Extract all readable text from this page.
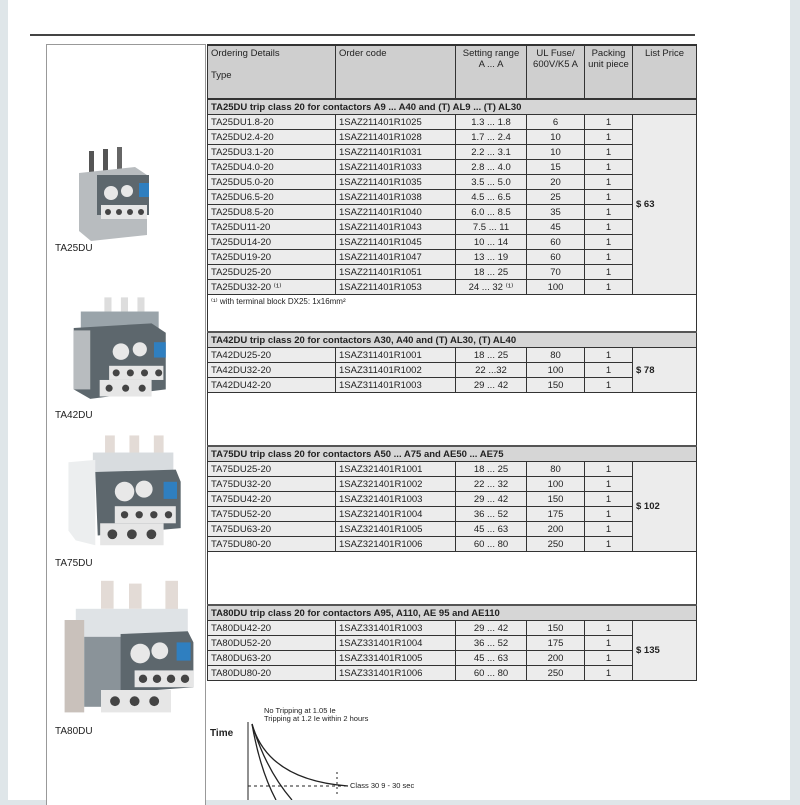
TA25DU
TA42DU
TA75DU
TA80DU
Ordering Details
Type	Order code	Setting range A ... A	UL Fuse/ 600V/K5 A	Packing unit piece	List Price
TA25DU trip class 20 for contactors A9 ... A40 and (T) AL9 ... (T) AL30					
TA25DU1.8-20	1SAZ211401R1025	1.3 ... 1.8	6	1	$ 63
TA25DU2.4-20	1SAZ211401R1028	1.7 ... 2.4	10	1	
TA25DU3.1-20	1SAZ211401R1031	2.2 ... 3.1	10	1	
TA25DU4.0-20	1SAZ211401R1033	2.8 ... 4.0	15	1	
TA25DU5.0-20	1SAZ211401R1035	3.5 ... 5.0	20	1	
TA25DU6.5-20	1SAZ211401R1038	4.5 ... 6.5	25	1	
TA25DU8.5-20	1SAZ211401R1040	6.0 ... 8.5	35	1	
TA25DU11-20	1SAZ211401R1043	7.5 ... 11	45	1	
TA25DU14-20	1SAZ211401R1045	10 ... 14	60	1	
TA25DU19-20	1SAZ211401R1047	13 ... 19	60	1	
TA25DU25-20	1SAZ211401R1051	18 ... 25	70	1	
TA25DU32-20 ⁽¹⁾	1SAZ211401R1053	24 ... 32 ⁽¹⁾	100	1	
⁽¹⁾ with terminal block DX25: 1x16mm²					
TA42DU trip class 20 for contactors A30, A40 and (T) AL30, (T) AL40					
TA42DU25-20	1SAZ311401R1001	18 ... 25	80	1	$ 78
TA42DU32-20	1SAZ311401R1002	22 ...32	100	1	
TA42DU42-20	1SAZ311401R1003	29 ... 42	150	1	

TA75DU trip class 20 for contactors A50 ... A75 and AE50 ... AE75					
TA75DU25-20	1SAZ321401R1001	18 ... 25	80	1	$ 102
TA75DU32-20	1SAZ321401R1002	22 ... 32	100	1	
TA75DU42-20	1SAZ321401R1003	29 ... 42	150	1	
TA75DU52-20	1SAZ321401R1004	36 ... 52	175	1	
TA75DU63-20	1SAZ321401R1005	45 ... 63	200	1	
TA75DU80-20	1SAZ321401R1006	60 ... 80	250	1	

TA80DU trip class 20 for contactors A95, A110, AE 95 and AE110					
TA80DU42-20	1SAZ331401R1003	29 ... 42	150	1	$ 135
TA80DU52-20	1SAZ331401R1004	36 ... 52	175	1	
TA80DU63-20	1SAZ331401R1005	45 ... 63	200	1	
TA80DU80-20	1SAZ331401R1006	60 ... 80	250	1	
No Tripping at 1.05 Ie
Tripping at 1.2 Ie within 2 hours
Time
Class 30 9 - 30 sec
